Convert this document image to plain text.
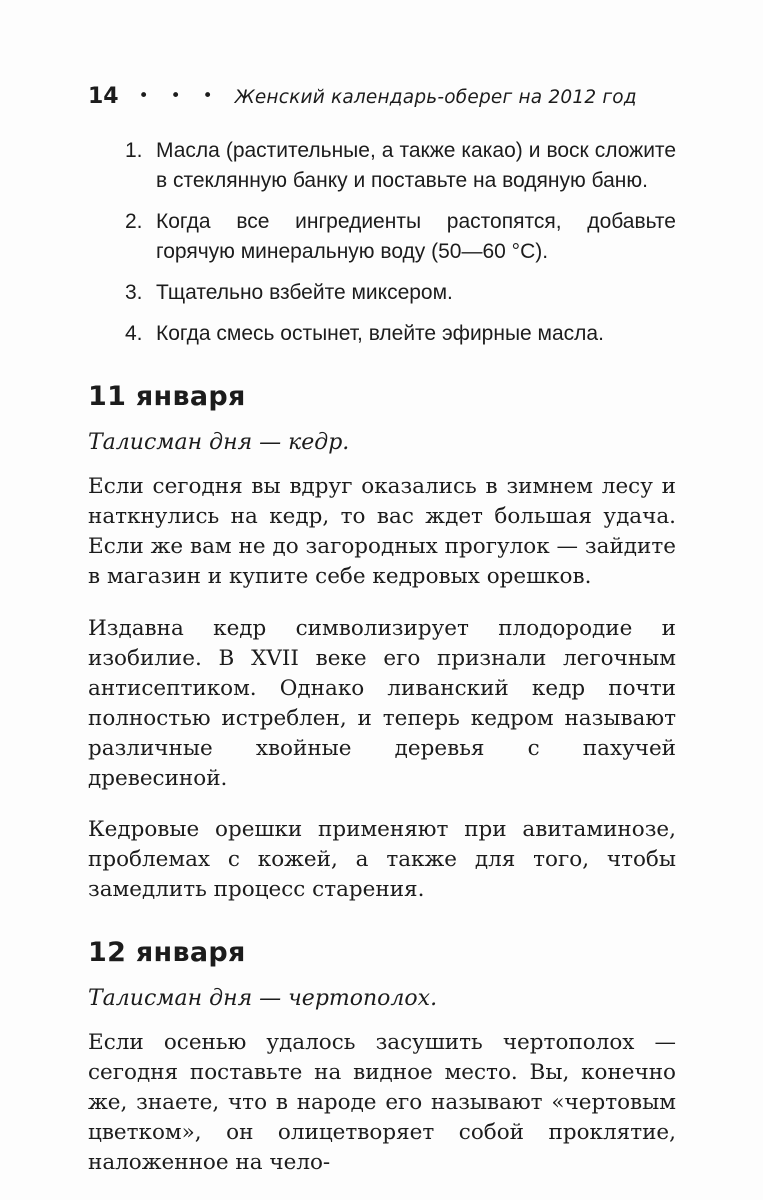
14 ••• Женский календарь-оберег на 2012 год
1. Масла (растительные, а также какао) и воск сложите в стеклянную банку и поставьте на водяную баню.
2. Когда все ингредиенты растопятся, добавьте горячую минеральную воду (50—60 °С).
3. Тщательно взбейте миксером.
4. Когда смесь остынет, влейте эфирные масла.
11 января
Талисман дня — кедр.

Если сегодня вы вдруг оказались в зимнем лесу и наткнулись на кедр, то вас ждет большая удача. Если же вам не до загородных прогулок — зайдите в магазин и купите себе кедровых орешков.

Издавна кедр символизирует плодородие и изобилие. В XVII веке его признали легочным антисептиком. Однако ливанский кедр почти полностью истреблен, и теперь кедром называют различные хвойные деревья с пахучей древесиной.

Кедровые орешки применяют при авитаминозе, проблемах с кожей, а также для того, чтобы замедлить процесс старения.

12 января
Талисман дня — чертополох.

Если осенью удалось засушить чертополох — сегодня поставьте на видное место. Вы, конечно же, знаете, что в народе его называют «чертовым цветком», он олицетворяет собой проклятие, наложенное на чело-
